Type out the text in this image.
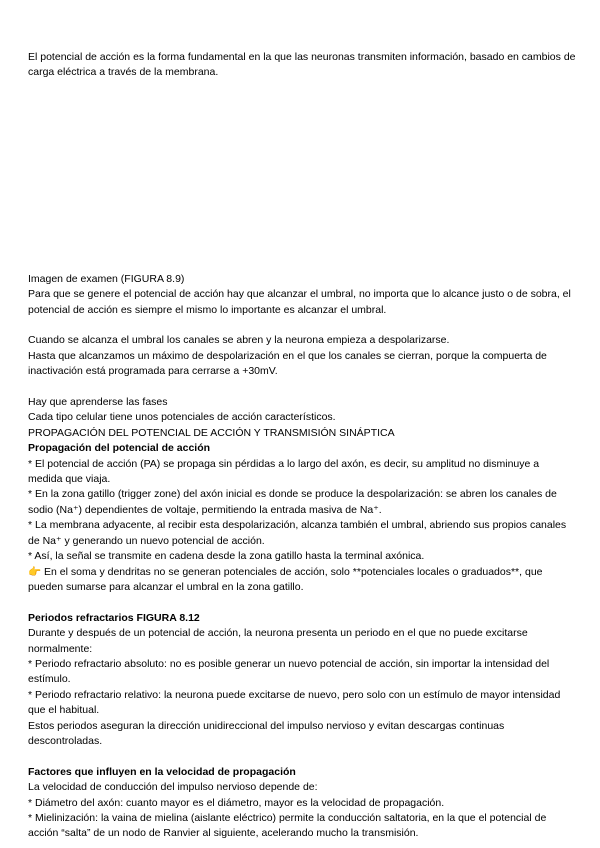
El potencial de acción es la forma fundamental en la que las neuronas transmiten información, basado en cambios de carga eléctrica a través de la membrana.

Imagen de examen (FIGURA 8.9)

Para que se genere el potencial de acción hay que alcanzar el umbral, no importa que lo alcance justo o de sobra, el potencial de acción es siempre el mismo lo importante es alcanzar el umbral.

Cuando se alcanza el umbral los canales se abren y la neurona empieza a despolarizarse.

Hasta que alcanzamos un máximo de despolarización en el que los canales se cierran, porque la compuerta de inactivación está programada para cerrarse a +30mV.

Hay que aprenderse las fases

Cada tipo celular tiene unos potenciales de acción característicos.

PROPAGACIÓN DEL POTENCIAL DE ACCIÓN Y TRANSMISIÓN SINÁPTICA

Propagación del potencial de acción

* El potencial de acción (PA) se propaga sin pérdidas a lo largo del axón, es decir, su amplitud no disminuye a medida que viaja.

* En la zona gatillo (trigger zone) del axón inicial es donde se produce la despolarización: se abren los canales de sodio (Na⁺) dependientes de voltaje, permitiendo la entrada masiva de Na⁺.

* La membrana adyacente, al recibir esta despolarización, alcanza también el umbral, abriendo sus propios canales de Na⁺ y generando un nuevo potencial de acción.

* Así, la señal se transmite en cadena desde la zona gatillo hasta la terminal axónica.

👉 En el soma y dendritas no se generan potenciales de acción, solo **potenciales locales o graduados**, que pueden sumarse para alcanzar el umbral en la zona gatillo.

Periodos refractarios FIGURA 8.12

Durante y después de un potencial de acción, la neurona presenta un periodo en el que no puede excitarse normalmente:

* Periodo refractario absoluto: no es posible generar un nuevo potencial de acción, sin importar la intensidad del estímulo.

* Periodo refractario relativo: la neurona puede excitarse de nuevo, pero solo con un estímulo de mayor intensidad que el habitual.

Estos periodos aseguran la dirección unidireccional del impulso nervioso y evitan descargas continuas descontroladas.

Factores que influyen en la velocidad de propagación

La velocidad de conducción del impulso nervioso depende de:

* Diámetro del axón: cuanto mayor es el diámetro, mayor es la velocidad de propagación.

* Mielinización: la vaina de mielina (aislante eléctrico) permite la conducción saltatoria, en la que el potencial de acción “salta” de un nodo de Ranvier al siguiente, acelerando mucho la transmisión.
